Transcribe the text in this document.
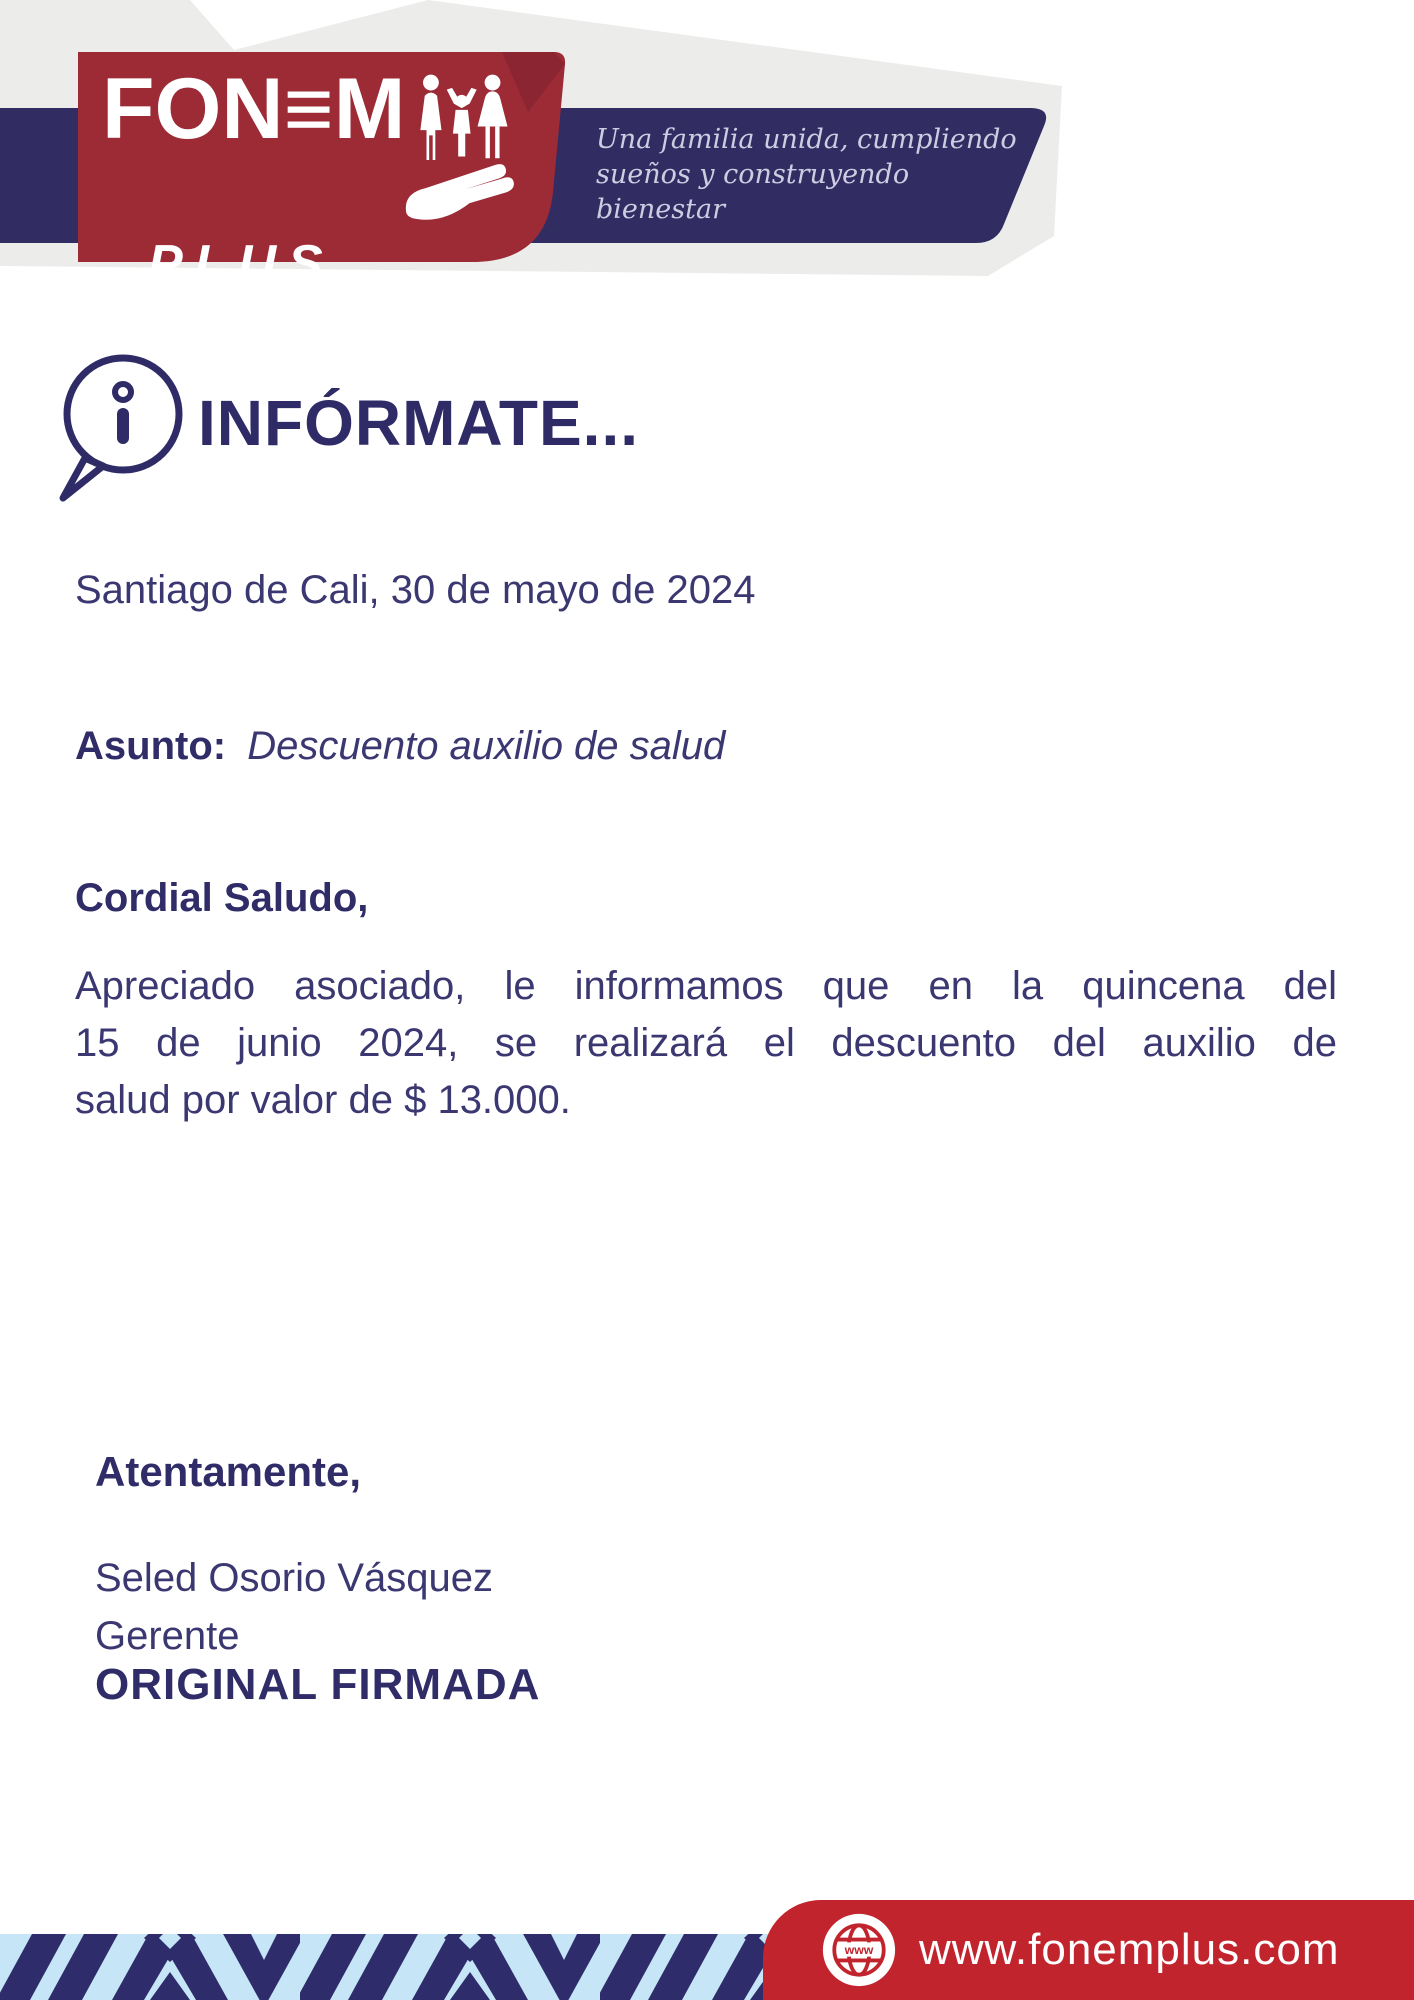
FON≡M
PLUS
Una familia unida, cumpliendo
sueños y construyendo bienestar
INFÓRMATE...
Santiago de Cali, 30 de mayo de 2024
Asunto: Descuento auxilio de salud
Cordial Saludo,
Apreciado asociado, le informamos que en la quincena del
15 de junio 2024, se realizará el descuento del auxilio de
salud por valor de $ 13.000.
Atentamente,
Seled Osorio Vásquez
Gerente
ORIGINAL FIRMADA
www www.fonemplus.com
